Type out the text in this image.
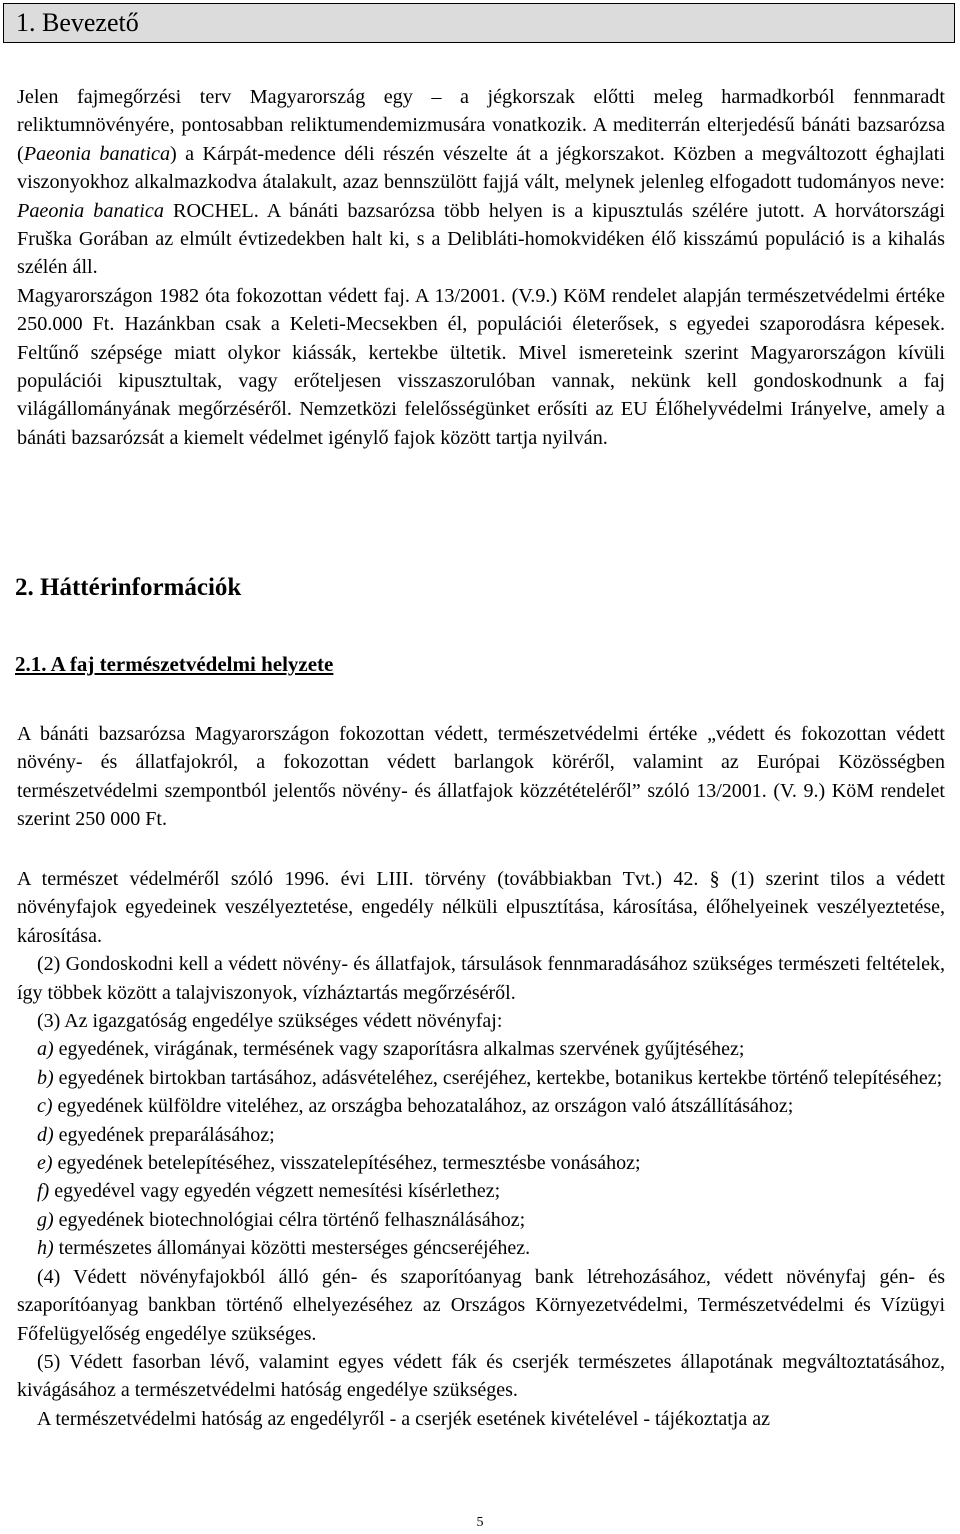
1. Bevezető

Jelen fajmegőrzési terv Magyarország egy – a jégkorszak előtti meleg harmadkorból fennmaradt reliktumnövényére, pontosabban reliktumendemizmusára vonatkozik. A mediterrán elterjedésű bánáti bazsarózsa (Paeonia banatica) a Kárpát-medence déli részén vészelte át a jégkorszakot. Közben a megváltozott éghajlati viszonyokhoz alkalmazkodva átalakult, azaz bennszülött fajjá vált, melynek jelenleg elfogadott tudományos neve: Paeonia banatica ROCHEL. A bánáti bazsarózsa több helyen is a kipusztulás szélére jutott. A horvátországi Fruška Gorában az elmúlt évtizedekben halt ki, s a Delibláti-homokvidéken élő kisszámú populáció is a kihalás szélén áll.

Magyarországon 1982 óta fokozottan védett faj. A 13/2001. (V.9.) KöM rendelet alapján természetvédelmi értéke 250.000 Ft. Hazánkban csak a Keleti-Mecsekben él, populációi életerősek, s egyedei szaporodásra képesek. Feltűnő szépsége miatt olykor kiássák, kertekbe ültetik. Mivel ismereteink szerint Magyarországon kívüli populációi kipusztultak, vagy erőteljesen visszaszorulóban vannak, nekünk kell gondoskodnunk a faj világállományának megőrzéséről. Nemzetközi felelősségünket erősíti az EU Élőhelyvédelmi Irányelve, amely a bánáti bazsarózsát a kiemelt védelmet igénylő fajok között tartja nyilván.

2. Háttérinformációk
2.1. A faj természetvédelmi helyzete
A bánáti bazsarózsa Magyarországon fokozottan védett, természetvédelmi értéke „védett és fokozottan védett növény- és állatfajokról, a fokozottan védett barlangok köréről, valamint az Európai Közösségben természetvédelmi szempontból jelentős növény- és állatfajok közzétételéről” szóló 13/2001. (V. 9.) KöM rendelet szerint 250 000 Ft.

A természet védelméről szóló 1996. évi LIII. törvény (továbbiakban Tvt.) 42. § (1) szerint tilos a védett növényfajok egyedeinek veszélyeztetése, engedély nélküli elpusztítása, károsítása, élőhelyeinek veszélyeztetése, károsítása.

(2) Gondoskodni kell a védett növény- és állatfajok, társulások fennmaradásához szükséges természeti feltételek, így többek között a talajviszonyok, vízháztartás megőrzéséről.

(3) Az igazgatóság engedélye szükséges védett növényfaj:

a) egyedének, virágának, termésének vagy szaporításra alkalmas szervének gyűjtéséhez;

b) egyedének birtokban tartásához, adásvételéhez, cseréjéhez, kertekbe, botanikus kertekbe történő telepítéséhez;

c) egyedének külföldre viteléhez, az országba behozatalához, az országon való átszállításához;

d) egyedének preparálásához;

e) egyedének betelepítéséhez, visszatelepítéséhez, termesztésbe vonásához;

f) egyedével vagy egyedén végzett nemesítési kísérlethez;

g) egyedének biotechnológiai célra történő felhasználásához;

h) természetes állományai közötti mesterséges géncseréjéhez.

(4) Védett növényfajokból álló gén- és szaporítóanyag bank létrehozásához, védett növényfaj gén- és szaporítóanyag bankban történő elhelyezéséhez az Országos Környezetvédelmi, Természetvédelmi és Vízügyi Főfelügyelőség engedélye szükséges.

(5) Védett fasorban lévő, valamint egyes védett fák és cserjék természetes állapotának megváltoztatásához, kivágásához a természetvédelmi hatóság engedélye szükséges.

A természetvédelmi hatóság az engedélyről - a cserjék esetének kivételével - tájékoztatja az

5
